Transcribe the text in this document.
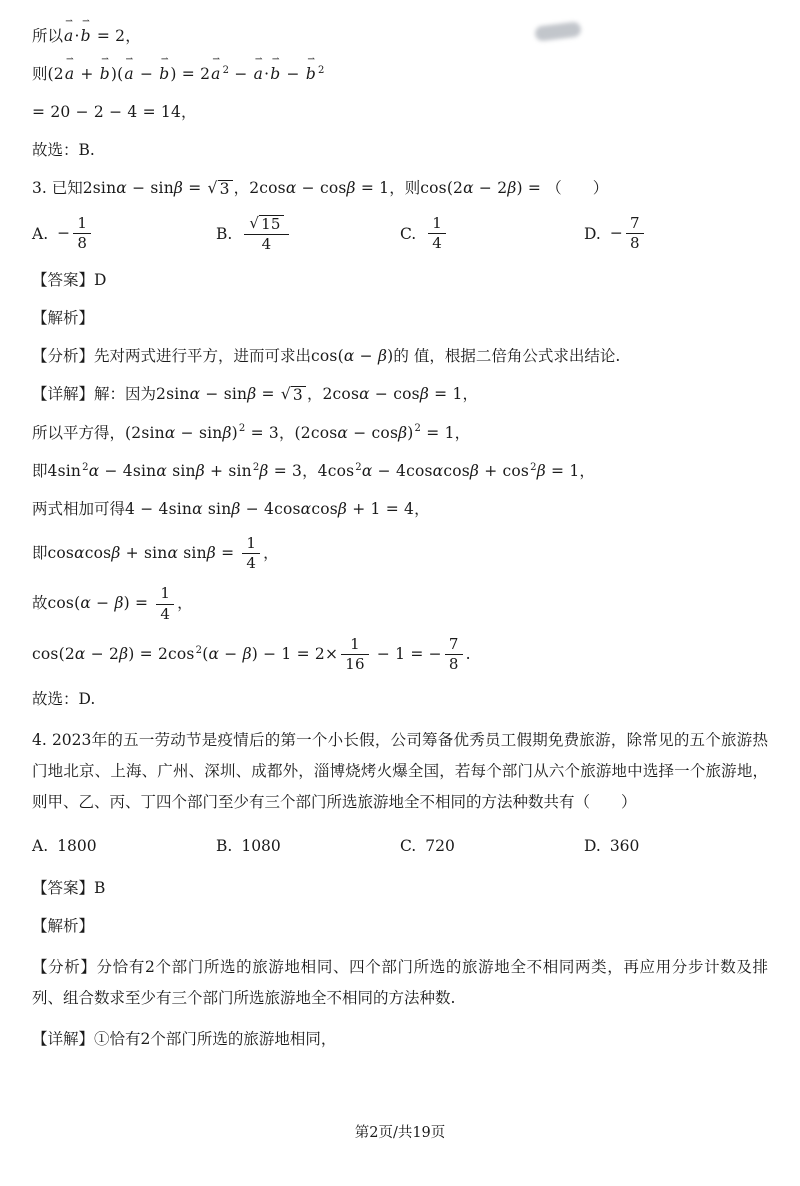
所以
⇀
a·
⇀
b = 2，

则(2
⇀
a +
⇀
b)(
⇀
a −
⇀
b) = 2
⇀
a $^2$ −
⇀
a·
⇀
b −
⇀
b $^2$

= 20 − 2 − 4 = 14，

故选：B.

3. 已知2sinα − sinβ = √ 3 ，2cosα − cosβ = 1，则cos(2α − 2β) = （　　）

A. − $\frac{1}{8}$	B. $\frac{√ 15}{4}$	C. $\frac{1}{4}$	D. − $\frac{7}{8}$

【答案】D

【解析】

【分析】先对两式进行平方，进而可求出cos(α − β)的 值，根据二倍角公式求出结论.

【详解】解：因为2sinα − sinβ = √ 3 ，2cosα − cosβ = 1，

所以平方得，$(2\sin\alpha - \sin\beta)^2 = 3$，$(2\cos\alpha - \cos\beta)^2 = 1$，

即$4\sin^2\alpha - 4\sin\alpha$ $\sin\beta + \sin^2\beta = 3$，$4\cos^2\alpha - 4\cos\alpha\cos\beta + \cos^2\beta = 1$，

两式相加可得4 − 4sinα sinβ − 4cosαcosβ + 1 = 4，

即cosαcosβ + sinα $\sin\beta = \frac{1}{4}$ ，

故$\cos(\alpha - \beta) = \frac{1}{4}$ ，

$\cos(2\alpha - 2\beta) = 2\cos^2(\alpha - \beta) - 1 = 2\times \frac{1}{16} - 1$ = − $\frac{7}{8}$ .

故选：D.

4. 2023年的五一劳动节是疫情后的第一个小长假，公司筹备优秀员工假期免费旅游，除常见的五个旅游热门地北京、上海、广州、深圳、成都外，淄博烧烤火爆全国，若每个部门从六个旅游地中选择一个旅游地，则甲、乙、丙、丁四个部门至少有三个部门所选旅游地全不相同的方法种数共有（　　）

A. 1800	B. 1080	C. 720	D. 360

【答案】B

【解析】

【分析】分恰有2个部门所选的旅游地相同、四个部门所选的旅游地全不相同两类，再应用分步计数及排列、组合数求至少有三个部门所选旅游地全不相同的方法种数.

【详解】①恰有2个部门所选的旅游地相同，

第2页/共19页
